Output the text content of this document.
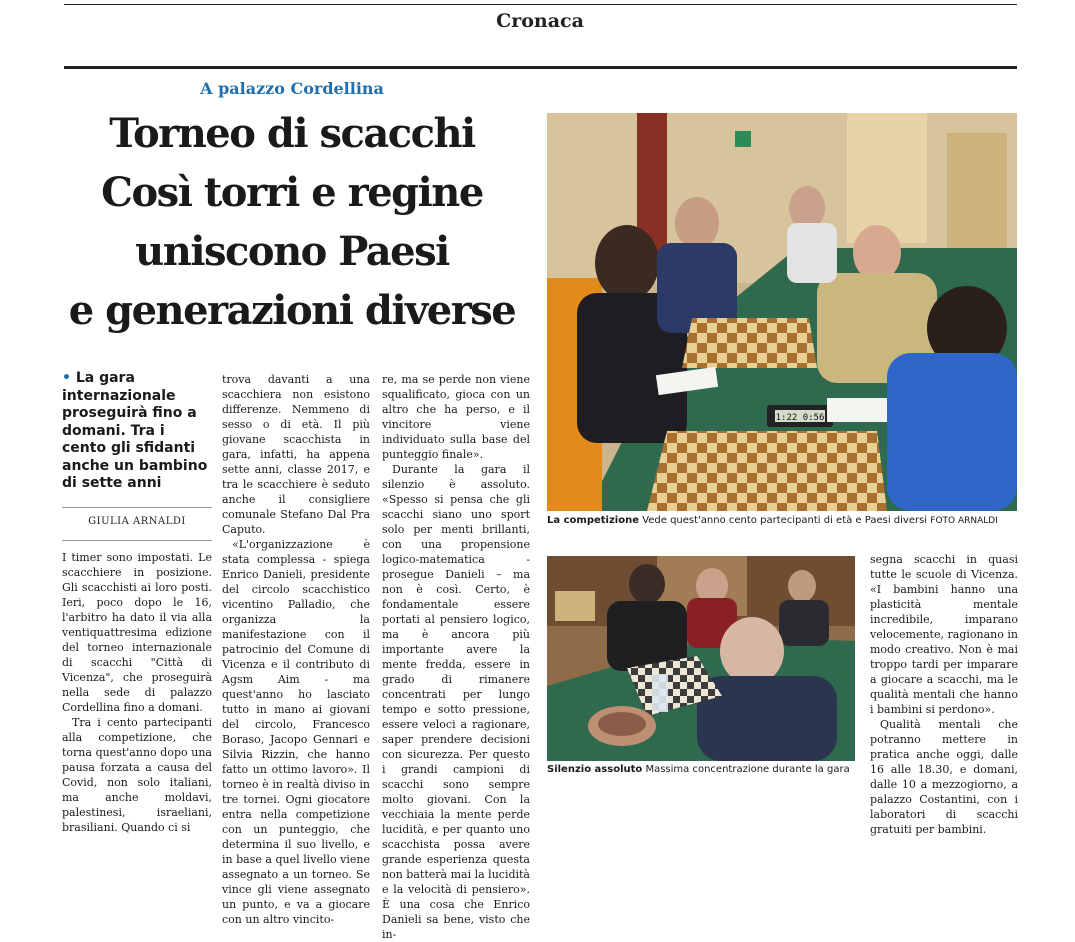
Cronaca
A palazzo Cordellina
Torneo di scacchi
Così torri e regine
uniscono Paesi
e generazioni diverse
• La gara internazionale proseguirà fino a domani. Tra i cento gli sfidanti anche un bambino di sette anni
GIULIA ARNALDI

I timer sono impostati. Le scacchiere in posizione. Gli scacchisti ai loro posti. Ieri, poco dopo le 16, l'arbitro ha dato il via alla ventiquattresima edizione del torneo internazionale di scacchi "Città di Vicenza", che proseguirà nella sede di palazzo Cordellina fino a domani.

Tra i cento partecipanti alla competizione, che torna quest'anno dopo una pausa forzata a causa del Covid, non solo italiani, ma anche moldavi, palestinesi, israeliani, brasiliani. Quando ci si

trova davanti a una scacchiera non esistono differenze. Nemmeno di sesso o di età. Il più giovane scacchista in gara, infatti, ha appena sette anni, classe 2017, e tra le scacchiere è seduto anche il consigliere comunale Stefano Dal Pra Caputo.

«L'organizzazione è stata complessa - spiega Enrico Danieli, presidente del circolo scacchistico vicentino Palladio, che organizza la manifestazione con il patrocinio del Comune di Vicenza e il contributo di Agsm Aim - ma quest'anno ho lasciato tutto in mano ai giovani del circolo, Francesco Boraso, Jacopo Gennari e Silvia Rizzin, che hanno fatto un ottimo lavoro». Il torneo è in realtà diviso in tre tornei. Ogni giocatore entra nella competizione con un punteggio, che determina il suo livello, e in base a quel livello viene assegnato a un torneo. Se vince gli viene assegnato un punto, e va a giocare con un altro vincito-

re, ma se perde non viene squalificato, gioca con un altro che ha perso, e il vincitore viene individuato sulla base del punteggio finale».

Durante la gara il silenzio è assoluto. «Spesso si pensa che gli scacchi siano uno sport solo per menti brillanti, con una propensione logico-matematica - prosegue Danieli – ma non è così. Certo, è fondamentale essere portati al pensiero logico, ma è ancora più importante avere la mente fredda, essere in grado di rimanere concentrati per lungo tempo e sotto pressione, essere veloci a ragionare, saper prendere decisioni con sicurezza. Per questo i grandi campioni di scacchi sono sempre molto giovani. Con la vecchiaia la mente perde lucidità, e per quanto uno scacchista possa avere grande esperienza questa non batterà mai la lucidità e la velocità di pensiero». È una cosa che Enrico Danieli sa bene, visto che in-

segna scacchi in quasi tutte le scuole di Vicenza. «I bambini hanno una plasticità mentale incredibile, imparano velocemente, ragionano in modo creativo. Non è mai troppo tardi per imparare a giocare a scacchi, ma le qualità mentali che hanno i bambini si perdono».

Qualità mentali che potranno mettere in pratica anche oggi, dalle 16 alle 18.30, e domani, dalle 10 a mezzogiorno, a palazzo Costantini, con i laboratori di scacchi gratuiti per bambini.

1:22 0:56
La competizione Vede quest'anno cento partecipanti di età e Paesi diversi FOTO ARNALDI
Silenzio assoluto Massima concentrazione durante la gara
